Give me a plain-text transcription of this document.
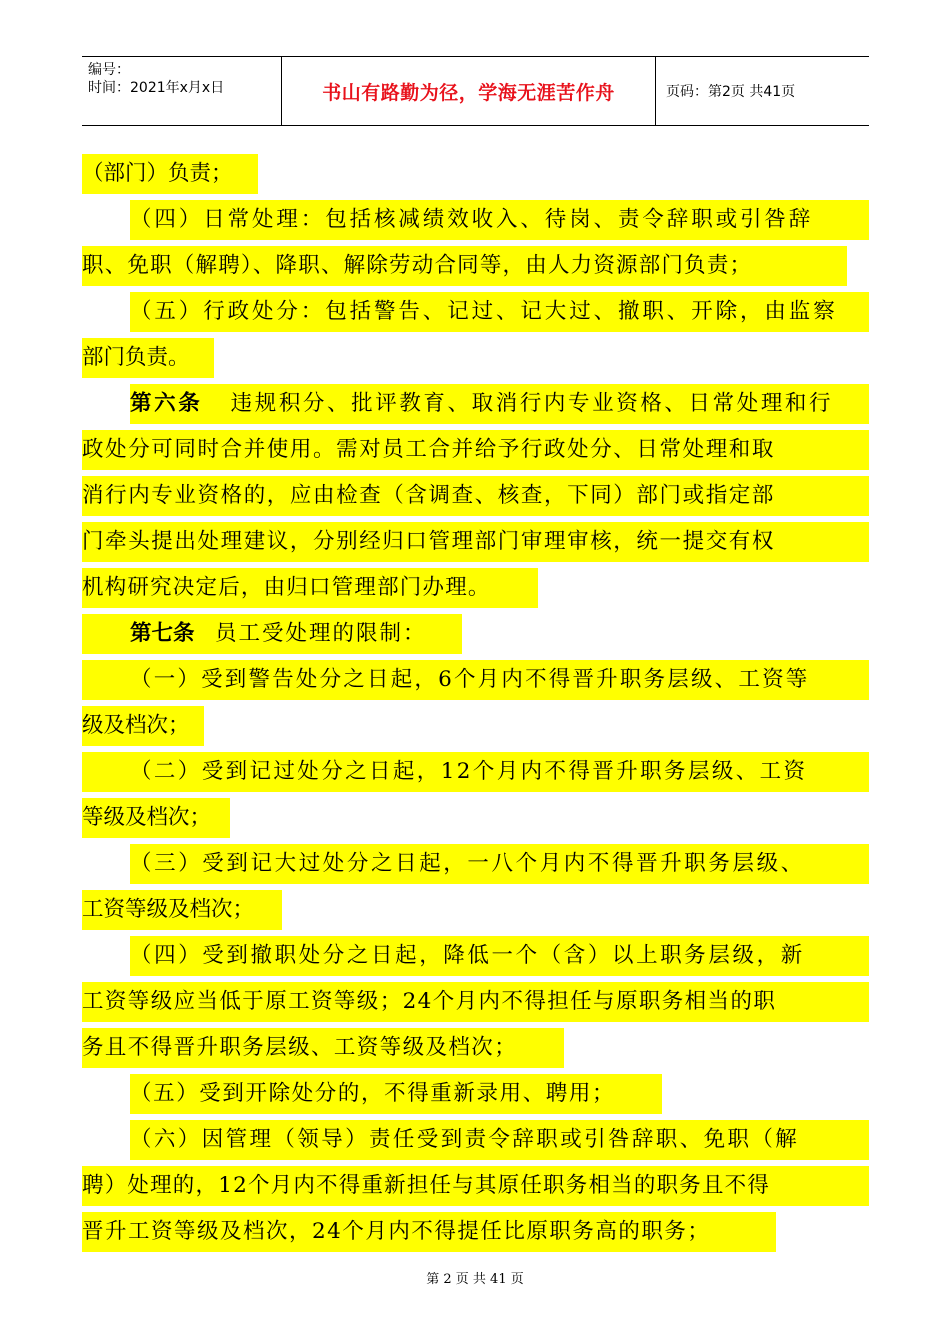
编号：
时间：2021年x月x日	书山有路勤为径，学海无涯苦作舟	页码：第2页 共41页
（部门）负责；
（四）日常处理：包括核减绩效收入、待岗、责令辞职或引咎辞
职、免职（解聘）、降职、解除劳动合同等，由人力资源部门负责；
（五）行政处分：包括警告、记过、记大过、撤职、开除，由监察
部门负责。
第六条 违规积分、批评教育、取消行内专业资格、日常处理和行
政处分可同时合并使用。需对员工合并给予行政处分、日常处理和取
消行内专业资格的，应由检查（含调查、核查，下同）部门或指定部
门牵头提出处理建议，分别经归口管理部门审理审核，统一提交有权
机构研究决定后，由归口管理部门办理。
第七条 员工受处理的限制：
（一）受到警告处分之日起，6个月内不得晋升职务层级、工资等
级及档次；
（二）受到记过处分之日起，12个月内不得晋升职务层级、工资
等级及档次；
（三）受到记大过处分之日起，一八个月内不得晋升职务层级、
工资等级及档次；
（四）受到撤职处分之日起，降低一个（含）以上职务层级，新
工资等级应当低于原工资等级；24个月内不得担任与原职务相当的职
务且不得晋升职务层级、工资等级及档次；
（五）受到开除处分的，不得重新录用、聘用；
（六）因管理（领导）责任受到责令辞职或引咎辞职、免职（解
聘）处理的，12个月内不得重新担任与其原任职务相当的职务且不得
晋升工资等级及档次，24个月内不得提任比原职务高的职务；
第 2 页 共 41 页
